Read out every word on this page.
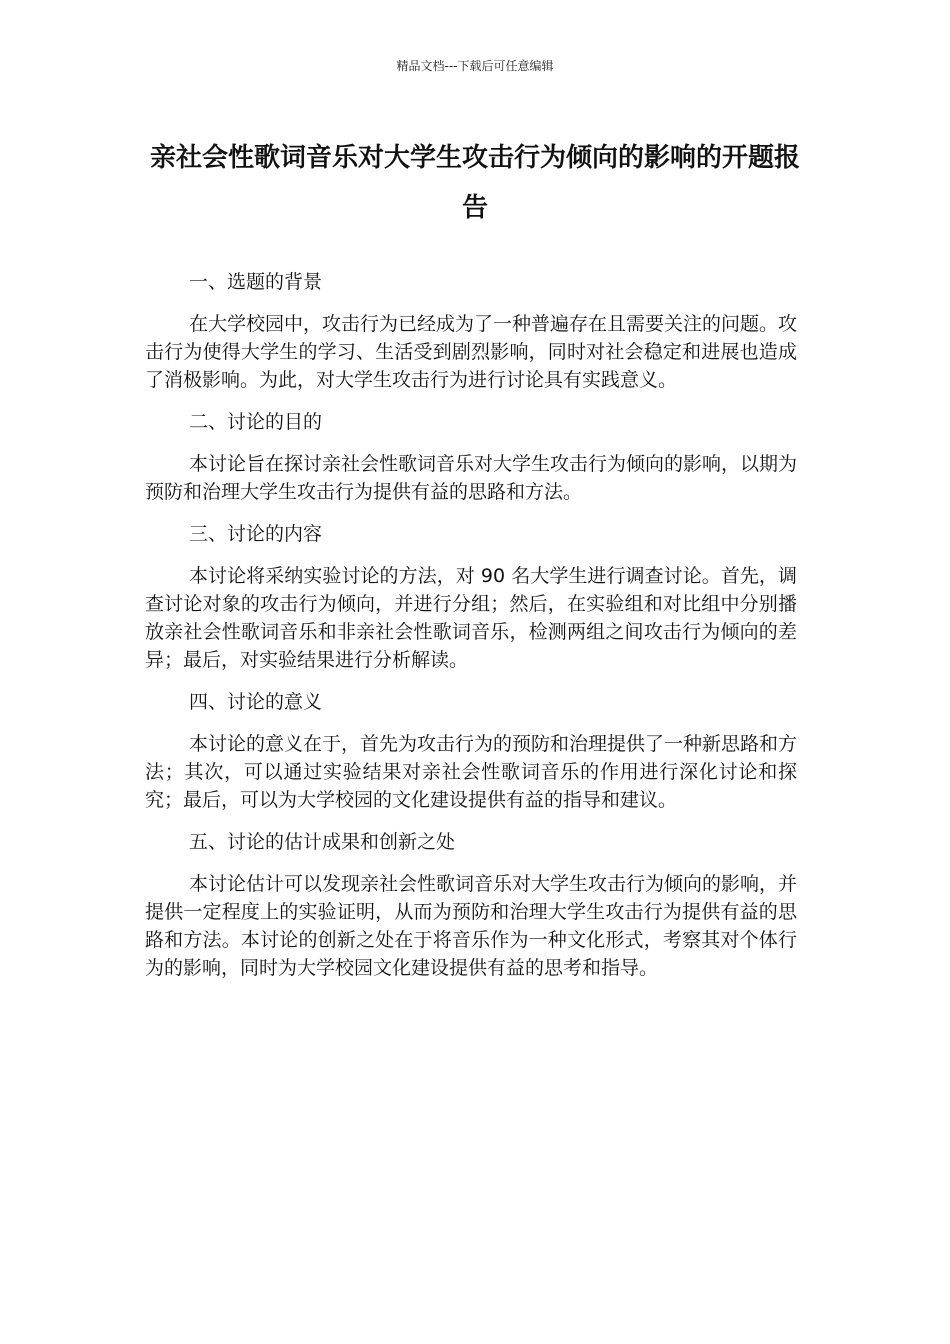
精品文档---下载后可任意编辑
亲社会性歌词音乐对大学生攻击行为倾向的影响的开题报告

一、选题的背景

在大学校园中，攻击行为已经成为了一种普遍存在且需要关注的问题。攻击行为使得大学生的学习、生活受到剧烈影响，同时对社会稳定和进展也造成了消极影响。为此，对大学生攻击行为进行讨论具有实践意义。

二、讨论的目的

本讨论旨在探讨亲社会性歌词音乐对大学生攻击行为倾向的影响，以期为预防和治理大学生攻击行为提供有益的思路和方法。

三、讨论的内容

本讨论将采纳实验讨论的方法，对 90 名大学生进行调查讨论。首先，调查讨论对象的攻击行为倾向，并进行分组；然后，在实验组和对比组中分别播放亲社会性歌词音乐和非亲社会性歌词音乐，检测两组之间攻击行为倾向的差异；最后，对实验结果进行分析解读。

四、讨论的意义

本讨论的意义在于，首先为攻击行为的预防和治理提供了一种新思路和方法；其次，可以通过实验结果对亲社会性歌词音乐的作用进行深化讨论和探究；最后，可以为大学校园的文化建设提供有益的指导和建议。

五、讨论的估计成果和创新之处

本讨论估计可以发现亲社会性歌词音乐对大学生攻击行为倾向的影响，并提供一定程度上的实验证明，从而为预防和治理大学生攻击行为提供有益的思路和方法。本讨论的创新之处在于将音乐作为一种文化形式，考察其对个体行为的影响，同时为大学校园文化建设提供有益的思考和指导。
